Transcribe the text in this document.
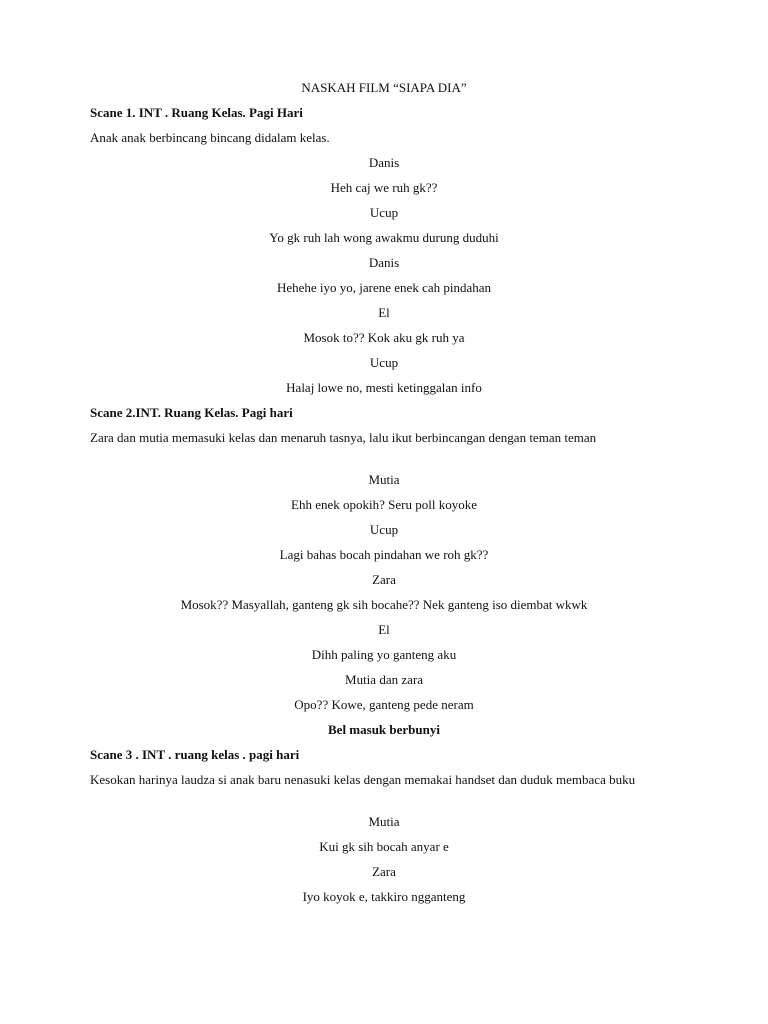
NASKAH FILM “SIAPA DIA”
Scane 1. INT . Ruang Kelas. Pagi Hari
Anak anak berbincang bincang didalam kelas.
Danis
Heh caj we ruh gk??
Ucup
Yo gk ruh lah wong awakmu durung duduhi
Danis
Hehehe iyo yo, jarene enek cah pindahan
El
Mosok to?? Kok aku gk ruh ya
Ucup
Halaj lowe no, mesti ketinggalan info
Scane 2.INT. Ruang Kelas. Pagi hari
Zara dan mutia memasuki kelas dan menaruh tasnya, lalu ikut berbincangan dengan teman teman
Mutia
Ehh enek opokih? Seru poll koyoke
Ucup
Lagi bahas bocah pindahan we roh gk??
Zara
Mosok?? Masyallah, ganteng gk sih bocahe?? Nek ganteng iso diembat wkwk
El
Dihh paling yo ganteng aku
Mutia dan zara
Opo?? Kowe, ganteng pede neram
Bel masuk berbunyi
Scane 3 . INT . ruang kelas . pagi hari
Kesokan harinya laudza si anak baru nenasuki kelas dengan memakai handset dan duduk membaca buku
Mutia
Kui gk sih bocah anyar e
Zara
Iyo koyok e, takkiro ngganteng
